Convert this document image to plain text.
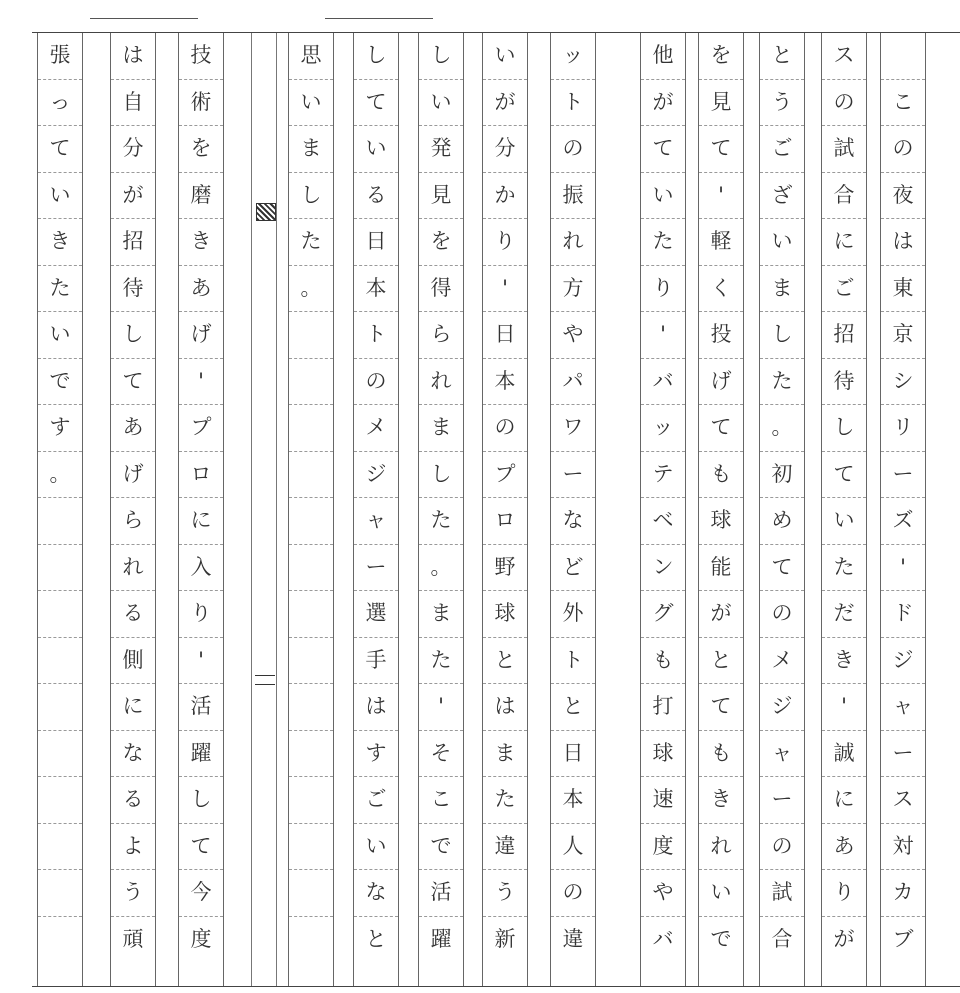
こ
の
夜
は
東
京
シ
リ
ー
ズ
'
ド
ジ
ャ
ー
ス
対
カ
ブ
ス
の
試
合
に
ご
招
待
し
て
い
た
だ
き
'
誠
に
あ
り
が
と
う
ご
ざ
い
ま
し
た
。
初
め
て
の
メ
ジ
ャ
ー
の
試
合
を
見
て
'
軽
く
投
げ
て
も
球
能
が
と
て
も
き
れ
い
で
他
が
て
い
た
り
'
バ
ッ
テ
ベ
ン
グ
も
打
球
速
度
や
バ
ッ
ト
の
振
れ
方
や
パ
ワ
ー
な
ど
外
ト
と
日
本
人
の
違
い
が
分
か
り
'
日
本
の
プ
ロ
野
球
と
は
ま
た
違
う
新
し
い
発
見
を
得
ら
れ
ま
し
た
。
ま
た
'
そ
こ
で
活
躍
し
て
い
る
日
本
ト
の
メ
ジ
ャ
ー
選
手
は
す
ご
い
な
と
思
い
ま
し
た
。
技
術
を
磨
き
あ
げ
'
プ
ロ
に
入
り
'
活
躍
し
て
今
度
は
自
分
が
招
待
し
て
あ
げ
ら
れ
る
側
に
な
る
よ
う
頑
張
っ
て
い
き
た
い
で
す
。
